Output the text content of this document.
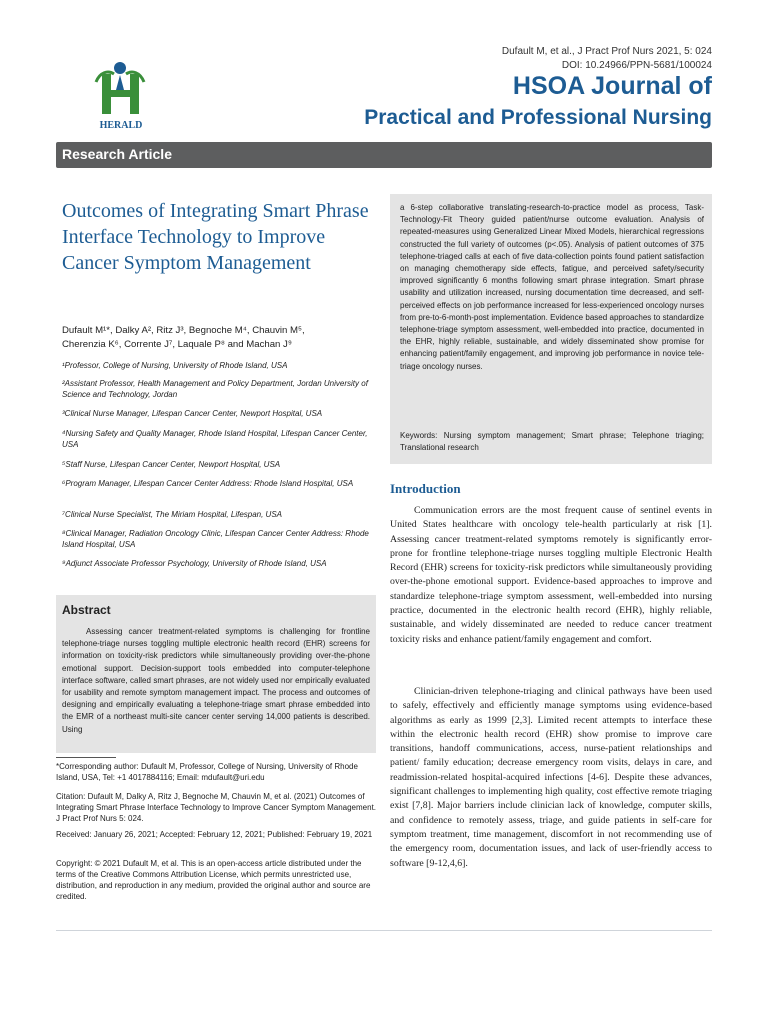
HERALD
Dufault M, et al., J Pract Prof Nurs 2021, 5: 024
DOI: 10.24966/PPN-5681/100024
HSOA Journal of
Practical and Professional Nursing
Research Article
Outcomes of Integrating Smart Phrase Interface Technology to Improve Cancer Symptom Management
Dufault M¹*, Dalky A², Ritz J³, Begnoche M⁴, Chauvin M⁵,
Cherenzia K⁶, Corrente J⁷, Laquale P⁸ and Machan J⁹
¹Professor, College of Nursing, University of Rhode Island, USA
²Assistant Professor, Health Management and Policy Department, Jordan University of Science and Technology, Jordan
³Clinical Nurse Manager, Lifespan Cancer Center, Newport Hospital, USA
⁴Nursing Safety and Quality Manager, Rhode Island Hospital, Lifespan Cancer Center, USA
⁵Staff Nurse, Lifespan Cancer Center, Newport Hospital, USA
⁶Program Manager, Lifespan Cancer Center Address: Rhode Island Hospital, USA
⁷Clinical Nurse Specialist, The Miriam Hospital, Lifespan, USA
⁸Clinical Manager, Radiation Oncology Clinic, Lifespan Cancer Center Address: Rhode Island Hospital, USA
⁹Adjunct Associate Professor Psychology, University of Rhode Island, USA
Abstract

Assessing cancer treatment-related symptoms is challenging for frontline telephone-triage nurses toggling multiple electronic health record (EHR) screens for information on toxicity-risk predictors while simultaneously providing over-the-phone emotional support. Decision-support tools embedded into computer-telephone interface software, called smart phrases, are not widely used nor empirically evaluated for usability and remote symptom management impact. The process and outcomes of designing and empirically evaluating a telephone-triage smart phrase embedded into the EMR of a northeast multi-site cancer center serving 14,000 patients is described. Using

a 6-step collaborative translating-research-to-practice model as process, Task-Technology-Fit Theory guided patient/nurse outcome evaluation. Analysis of repeated-measures using Generalized Linear Mixed Models, hierarchical regressions constructed the full variety of outcomes (p<.05). Analysis of patient outcomes of 375 telephone-triaged calls at each of five data-collection points found patient satisfaction on managing chemotherapy side effects, fatigue, and perceived safety/security improved significantly 6 months following smart phrase integration. Smart phrase usability and utilization increased, nursing documentation time decreased, and self-perceived effects on job performance increased for less-experienced oncology nurses from pre-to-6-month-post implementation. Evidence based approaches to standardize telephone-triage symptom assessment, well-embedded into practice, documented in the EHR, highly reliable, sustainable, and widely disseminated show promise for enhancing patient/family engagement, and improving job performance in novice tele-triage oncology nurses.

Keywords: Nursing symptom management; Smart phrase; Telephone triaging; Translational research
*Corresponding author: Dufault M, Professor, College of Nursing, University of Rhode Island, USA, Tel: +1 4017884116; Email: mdufault@uri.edu
Citation: Dufault M, Dalky A, Ritz J, Begnoche M, Chauvin M, et al. (2021) Outcomes of Integrating Smart Phrase Interface Technology to Improve Cancer Symptom Management. J Pract Prof Nurs 5: 024.
Received: January 26, 2021; Accepted: February 12, 2021; Published: February 19, 2021
Copyright: © 2021 Dufault M, et al. This is an open-access article distributed under the terms of the Creative Commons Attribution License, which permits unrestricted use, distribution, and reproduction in any medium, provided the original author and source are credited.
Introduction

Communication errors are the most frequent cause of sentinel events in United States healthcare with oncology tele-health particularly at risk [1]. Assessing cancer treatment-related symptoms remotely is significantly error-prone for frontline telephone-triage nurses toggling multiple Electronic Health Record (EHR) screens for toxicity-risk predictors while simultaneously providing over-the-phone emotional support. Evidence-based approaches to improve and standardize telephone-triage symptom assessment, well-embedded into nursing practice, documented in the electronic health record (EHR), highly reliable, sustainable, and widely disseminated are needed to reduce cancer treatment toxicity risks and enhance patient/family engagement and comfort.

Clinician-driven telephone-triaging and clinical pathways have been used to safely, effectively and efficiently manage symptoms using evidence-based algorithms as early as 1999 [2,3]. Limited recent attempts to interface these within the electronic health record (EHR) show promise to improve care transitions, handoff communications, access, nurse-patient relationships and patient/ family education; decrease emergency room visits, delays in care, and readmission-related hospital-acquired infections [4-6]. Despite these advances, significant challenges to implementing high quality, cost effective remote triaging exist [7,8]. Major barriers include clinician lack of knowledge, computer skills, and confidence to remotely assess, triage, and guide patients in self-care for symptom treatment, time management, discomfort in not recommending use of the emergency room, documentation issues, and lack of user-friendly access to software [9-12,4,6].
